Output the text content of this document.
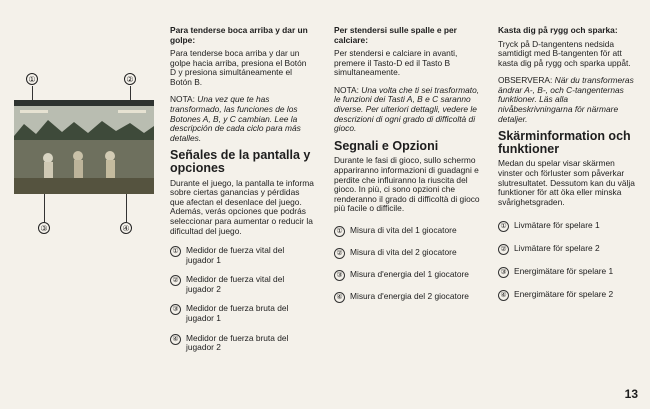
①	②
③	④

Para tenderse boca arriba y dar un golpe:

Para tenderse boca arriba y dar un golpe hacia arriba, presiona el Botón D y presiona simultáneamente el Botón B.

NOTA: Una vez que te has transformado, las funciones de los Botones A, B, y C cambian. Lee la descripción de cada ciclo para más detalles.

Señales de la pantalla y opciones

Durante el juego, la pantalla te informa sobre ciertas ganancias y pérdidas que afectan el desenlace del juego. Además, verás opciones que podrás seleccionar para aumentar o reducir la dificultad del juego.

① Medidor de fuerza vital del jugador 1
② Medidor de fuerza vital del jugador 2
③ Medidor de fuerza bruta del jugador 1
④ Medidor de fuerza bruta del jugador 2

Per stendersi sulle spalle e per calciare:

Per stendersi e calciare in avanti, premere il Tasto-D ed il Tasto B simultaneamente.

NOTA: Una volta che ti sei trasformato, le funzioni dei Tasti A, B e C saranno diverse. Per ulteriori dettagli, vedere le descrizioni di ogni grado di difficoltà di gioco.

Segnali e Opzioni

Durante le fasi di gioco, sullo schermo appariranno informazioni di guadagni e perdite che influiranno la riuscita del gioco. In più, ci sono opzioni che renderanno il grado di difficoltà di gioco più facile o difficile.

① Misura di vita del 1 giocatore
② Misura di vita del 2 giocatore
③ Misura d'energia del 1 giocatore
④ Misura d'energia del 2 giocatore

Kasta dig på rygg och sparka:

Tryck på D-tangentens nedsida samtidigt med B-tangenten för att kasta dig på rygg och sparka uppåt.

OBSERVERA: När du transformeras ändrar A-, B-, och C-tangenternas funktioner. Läs alla nivåbeskrivningarna för närmare detaljer.

Skärminformation och funktioner

Medan du spelar visar skärmen vinster och förluster som påverkar slutresultatet. Dessutom kan du välja funktioner för att öka eller minska svårighetsgraden.

① Livmätare för spelare 1
② Livmätare för spelare 2
③ Energimätare för spelare 1
④ Energimätare för spelare 2
13
